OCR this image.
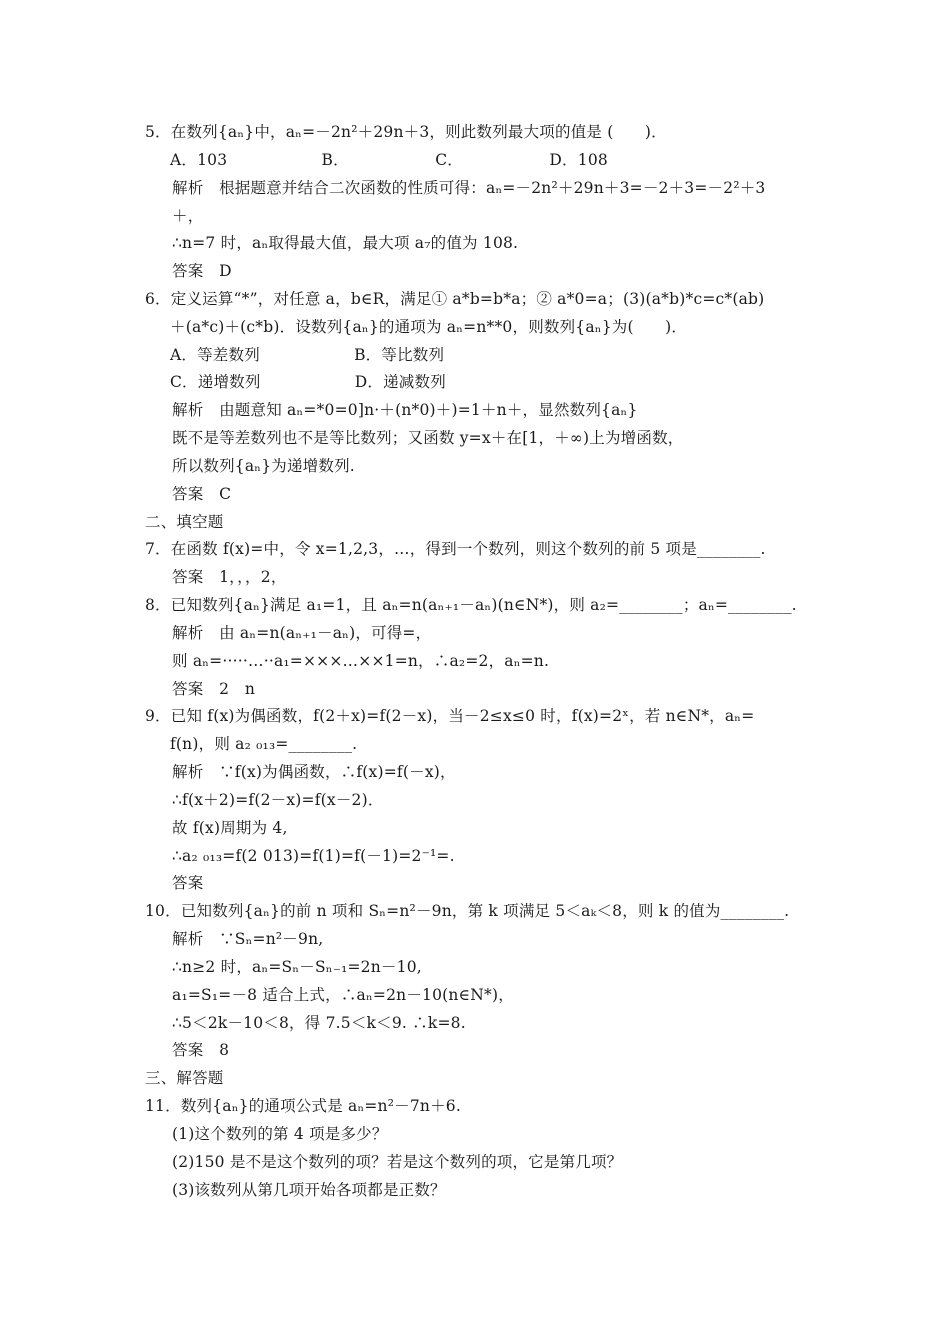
5．在数列{aₙ}中，aₙ=－2n²＋29n＋3，则此数列最大项的值是 (　　)．
A．103　　　　　　B．　　　　　　C．　　　　　　D．108
解析　根据题意并结合二次函数的性质可得：aₙ=－2n²＋29n＋3=－2＋3=－2²＋3
＋，
∴n=7 时，aₙ取得最大值，最大项 a₇的值为 108.
答案　D
6．定义运算“*”，对任意 a，b∈R，满足① a*b=b*a；② a*0=a；(3)(a*b)*c=c*(ab)
＋(a*c)＋(c*b)．设数列{aₙ}的通项为 aₙ=n**0，则数列{aₙ}为(　　)．
A．等差数列　　　　　　B．等比数列
C．递增数列　　　　　　D．递减数列
解析　由题意知 aₙ=*0=0]n·＋(n*0)＋)=1＋n＋，显然数列{aₙ}
既不是等差数列也不是等比数列；又函数 y=x＋在[1，＋∞)上为增函数，
所以数列{aₙ}为递增数列.
答案　C
二、填空题
7．在函数 f(x)=中，令 x=1,2,3，…，得到一个数列，则这个数列的前 5 项是________.
答案　1，，，2，
8．已知数列{aₙ}满足 a₁=1，且 aₙ=n(aₙ₊₁－aₙ)(n∈N*)，则 a₂=________；aₙ=________.
解析　由 aₙ=n(aₙ₊₁－aₙ)，可得=，
则 aₙ=·····…··a₁=×××…××1=n，∴a₂=2，aₙ=n.
答案　2　n
9．已知 f(x)为偶函数，f(2＋x)=f(2－x)，当－2≤x≤0 时，f(x)=2ˣ，若 n∈N*，aₙ=
f(n)，则 a₂ ₀₁₃=________.
解析　∵f(x)为偶函数，∴f(x)=f(－x)，
∴f(x＋2)=f(2－x)=f(x－2)．
故 f(x)周期为 4,
∴a₂ ₀₁₃=f(2 013)=f(1)=f(－1)=2⁻¹=.
答案
10．已知数列{aₙ}的前 n 项和 Sₙ=n²－9n，第 k 项满足 5＜aₖ＜8，则 k 的值为________.
解析　∵Sₙ=n²－9n,
∴n≥2 时，aₙ=Sₙ－Sₙ₋₁=2n－10,
a₁=S₁=－8 适合上式，∴aₙ=2n－10(n∈N*)，
∴5＜2k－10＜8，得 7.5＜k＜9. ∴k=8.
答案　8
三、解答题
11．数列{aₙ}的通项公式是 aₙ=n²－7n＋6.
(1)这个数列的第 4 项是多少？
(2)150 是不是这个数列的项？若是这个数列的项，它是第几项？
(3)该数列从第几项开始各项都是正数？
